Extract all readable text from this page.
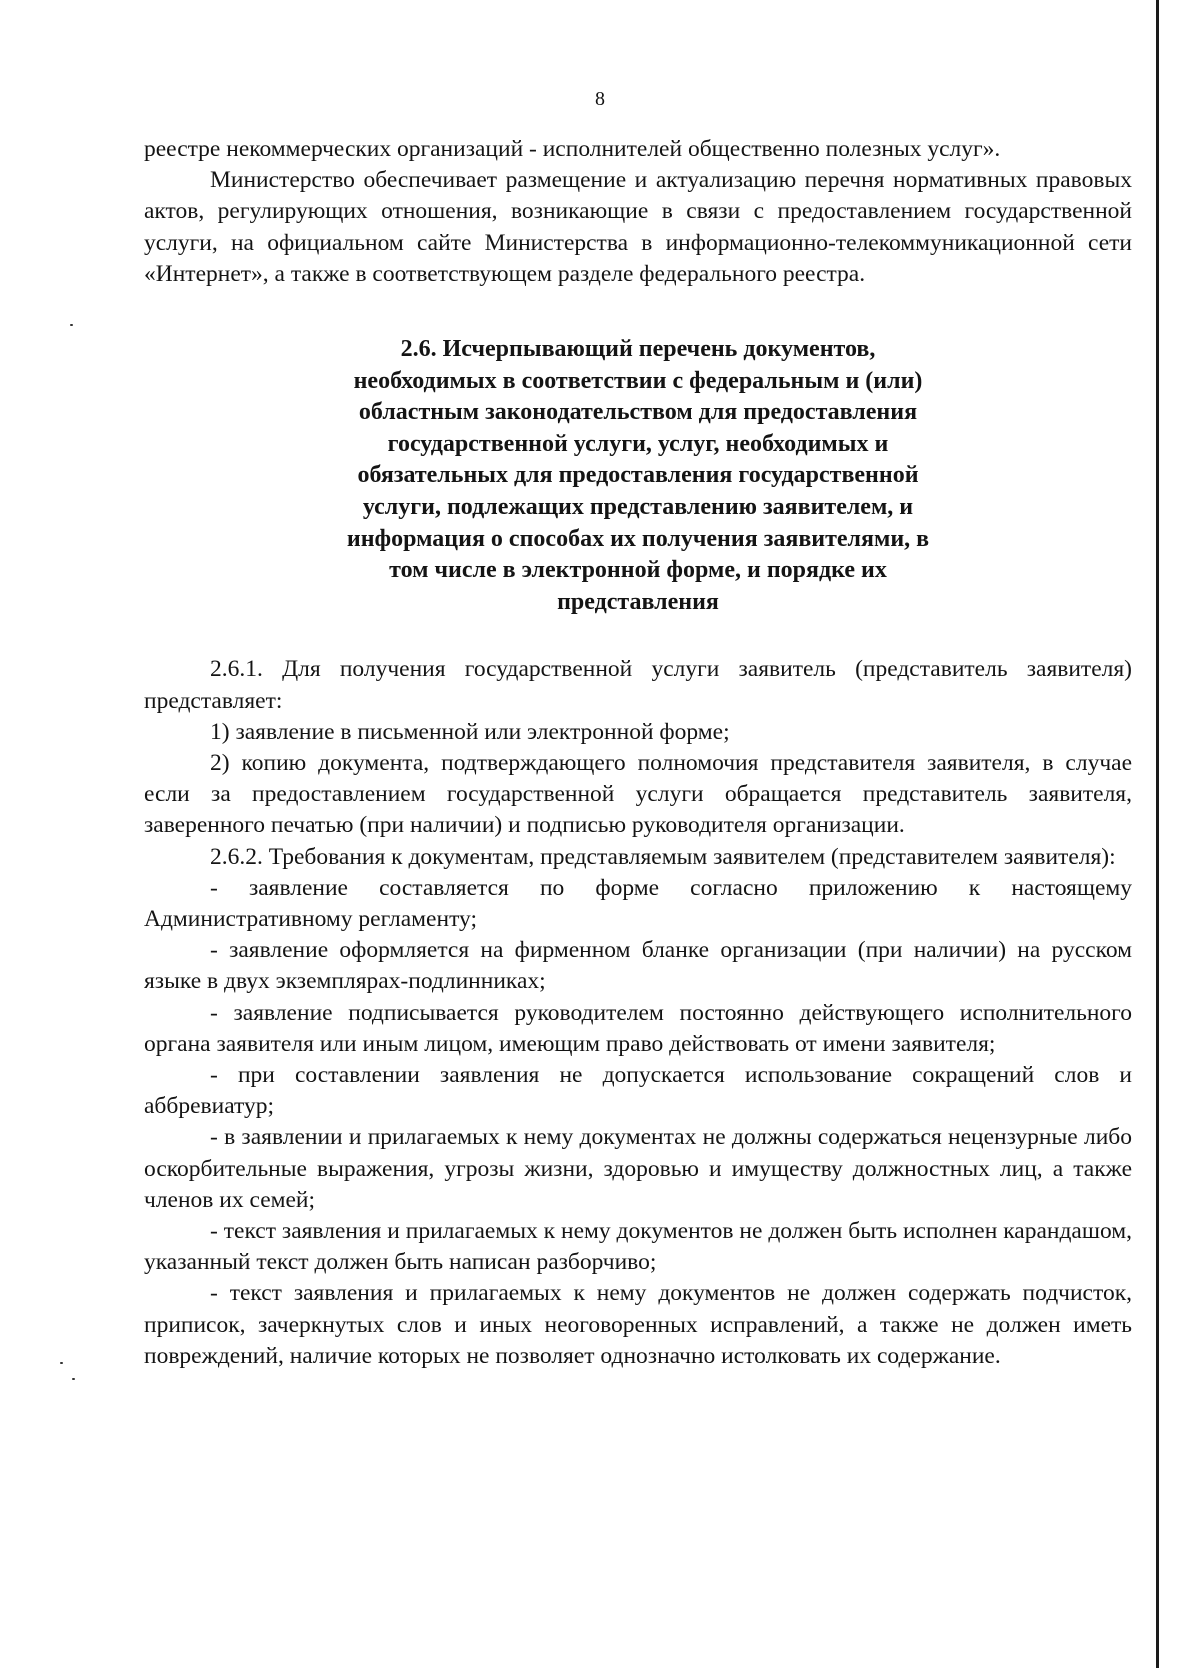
8

реестре некоммерческих организаций - исполнителей общественно полезных услуг».

Министерство обеспечивает размещение и актуализацию перечня нормативных правовых актов, регулирующих отношения, возникающие в связи с предоставлением государственной услуги, на официальном сайте Министерства в информационно-телекоммуникационной сети «Интернет», а также в соответствующем разделе федерального реестра.

2.6. Исчерпывающий перечень документов,
необходимых в соответствии с федеральным и (или)
областным законодательством для предоставления
государственной услуги, услуг, необходимых и
обязательных для предоставления государственной
услуги, подлежащих представлению заявителем, и
информация о способах их получения заявителями, в
том числе в электронной форме, и порядке их
представления

2.6.1. Для получения государственной услуги заявитель (представитель заявителя) представляет:

1) заявление в письменной или электронной форме;

2) копию документа, подтверждающего полномочия представителя заявителя, в случае если за предоставлением государственной услуги обращается представитель заявителя, заверенного печатью (при наличии) и подписью руководителя организации.

2.6.2. Требования к документам, представляемым заявителем (представителем заявителя):

- заявление составляется по форме согласно приложению к настоящему Административному регламенту;

- заявление оформляется на фирменном бланке организации (при наличии) на русском языке в двух экземплярах-подлинниках;

- заявление подписывается руководителем постоянно действующего исполнительного органа заявителя или иным лицом, имеющим право действовать от имени заявителя;

- при составлении заявления не допускается использование сокращений слов и аббревиатур;

- в заявлении и прилагаемых к нему документах не должны содержаться нецензурные либо оскорбительные выражения, угрозы жизни, здоровью и имуществу должностных лиц, а также членов их семей;

- текст заявления и прилагаемых к нему документов не должен быть исполнен карандашом, указанный текст должен быть написан разборчиво;

- текст заявления и прилагаемых к нему документов не должен содержать подчисток, приписок, зачеркнутых слов и иных неоговоренных исправлений, а также не должен иметь повреждений, наличие которых не позволяет однозначно истолковать их содержание.
